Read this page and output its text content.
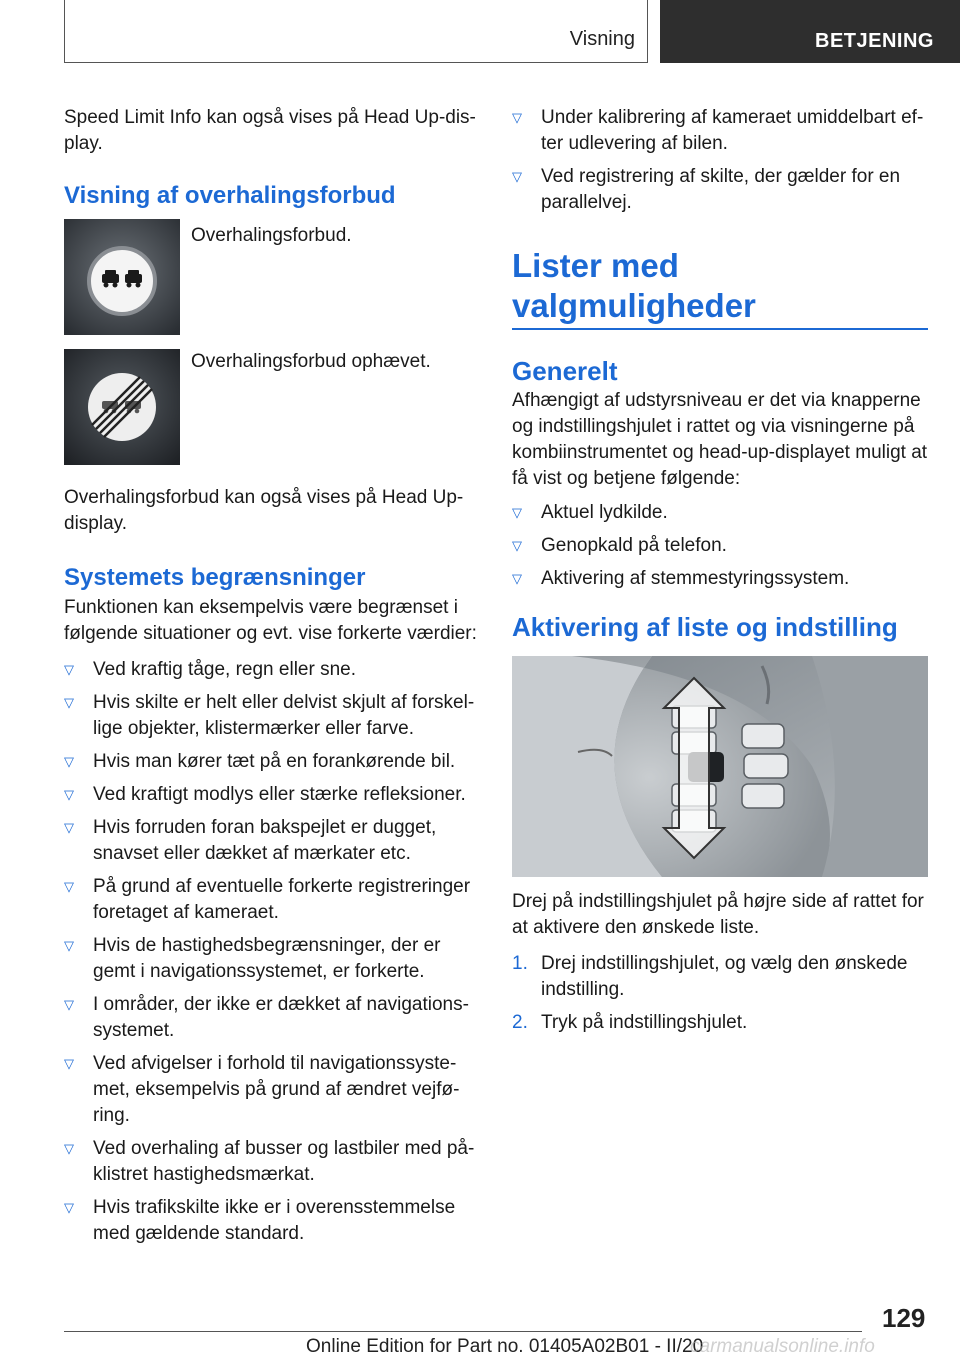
Visning	BETJENING

Speed Limit Info kan også vises på Head Up-dis-play.

Visning af overhalingsforbud

Overhalingsforbud.

Overhalingsforbud ophævet.

Overhalingsforbud kan også vises på Head Up-display.

Systemets begrænsninger

Funktionen kan eksempelvis være begrænset i følgende situationer og evt. vise forkerte værdier:

▽ Ved kraftig tåge, regn eller sne.
▽ Hvis skilte er helt eller delvist skjult af forskel-lige objekter, klistermærker eller farve.
▽ Hvis man kører tæt på en forankørende bil.
▽ Ved kraftigt modlys eller stærke refleksioner.
▽ Hvis forruden foran bakspejlet er dugget, snavset eller dækket af mærkater etc.
▽ På grund af eventuelle forkerte registreringer foretaget af kameraet.
▽ Hvis de hastighedsbegrænsninger, der er gemt i navigationssystemet, er forkerte.
▽ I områder, der ikke er dækket af navigations-systemet.
▽ Ved afvigelser i forhold til navigationssyste-met, eksempelvis på grund af ændret vejfø-ring.
▽ Ved overhaling af busser og lastbiler med på-klistret hastighedsmærkat.
▽ Hvis trafikskilte ikke er i overensstemmelse med gældende standard.
▽ Under kalibrering af kameraet umiddelbart ef-ter udlevering af bilen.
▽ Ved registrering af skilte, der gælder for en parallelvej.
Lister med valgmuligheder
Generelt

Afhængigt af udstyrsniveau er det via knapperne og indstillingshjulet i rattet og via visningerne på kombiinstrumentet og head-up-displayet muligt at få vist og betjene følgende:

▽ Aktuel lydkilde.
▽ Genopkald på telefon.
▽ Aktivering af stemmestyringssystem.
Aktivering af liste og indstilling

Drej på indstillingshjulet på højre side af rattet for at aktivere den ønskede liste.

1. Drej indstillingshjulet, og vælg den ønskede indstilling.
2. Tryk på indstillingshjulet.
129
Online Edition for Part no. 01405A02B01 - II/20
carmanualsonline.info
